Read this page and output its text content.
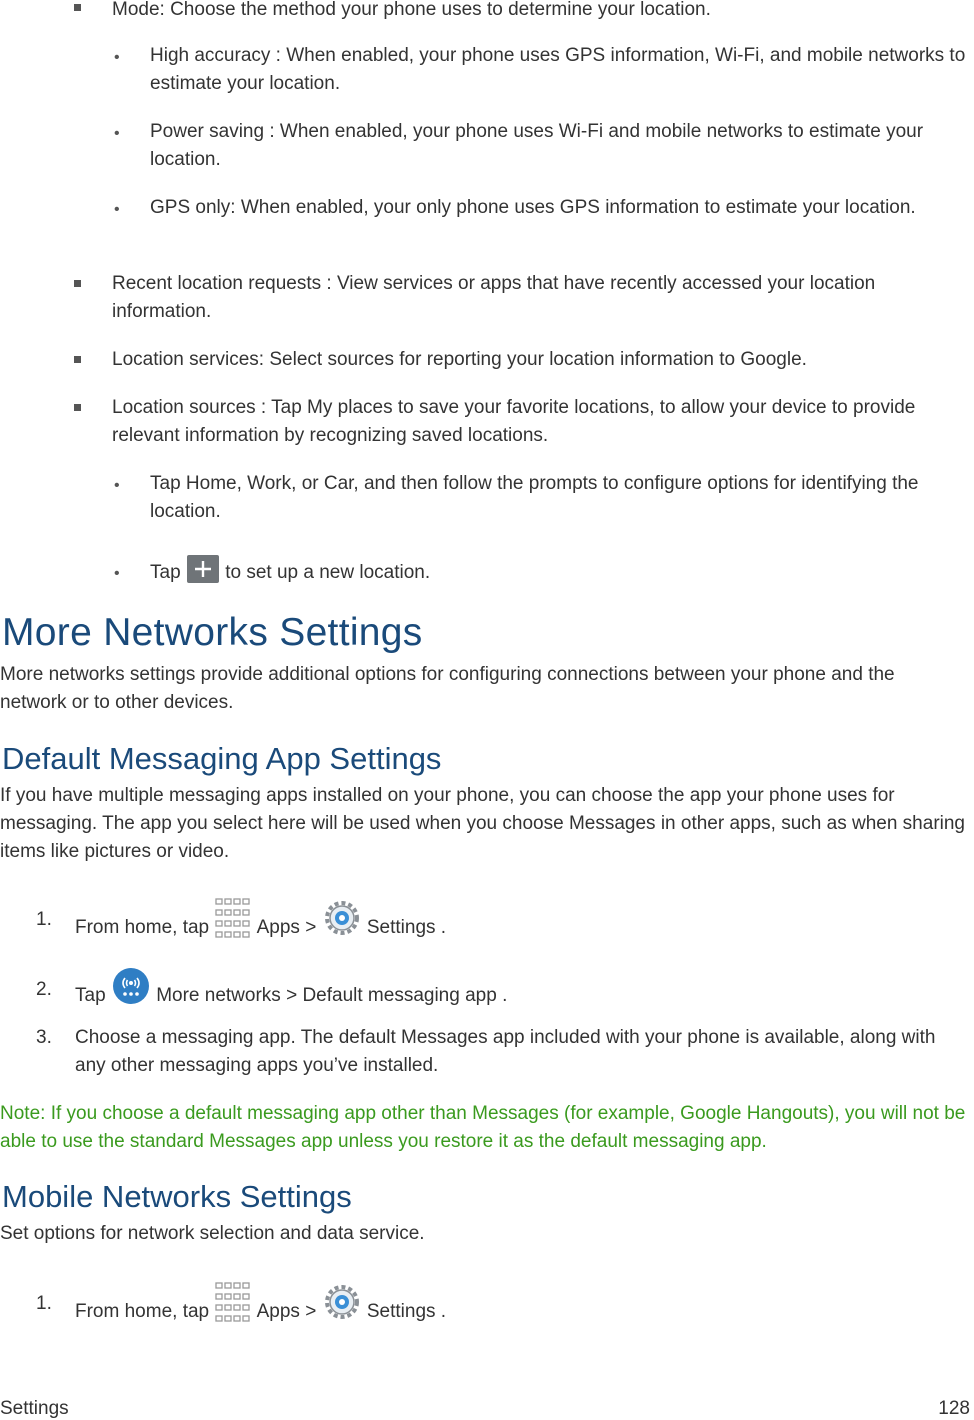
Mode: Choose the method your phone uses to determine your location.
• High accuracy : When enabled, your phone uses GPS information, Wi-Fi, and mobile networks to estimate your location.
• Power saving : When enabled, your phone uses Wi-Fi and mobile networks to estimate your location.
• GPS only: When enabled, your only phone uses GPS information to estimate your location.
Recent location requests : View services or apps that have recently accessed your location information.
Location services: Select sources for reporting your location information to Google.
Location sources : Tap My places to save your favorite locations, to allow your device to provide relevant information by recognizing saved locations.
• Tap Home, Work, or Car, and then follow the prompts to configure options for identifying the location.
• Tap to set up a new location.
More Networks Settings
More networks settings provide additional options for configuring connections between your phone and the network or to other devices.
Default Messaging App Settings
If you have multiple messaging apps installed on your phone, you can choose the app your phone uses for messaging. The app you select here will be used when you choose Messages in other apps, such as when sharing items like pictures or video.
1. From home, tap	Apps >	Settings .
2. Tap	More networks > Default messaging app .
3. Choose a messaging app. The default Messages app included with your phone is available, along with any other messaging apps you’ve installed.
Note: If you choose a default messaging app other than Messages (for example, Google Hangouts), you will not be able to use the standard Messages app unless you restore it as the default messaging app.
Mobile Networks Settings
Set options for network selection and data service.
1. From home, tap	Apps >	Settings .
Settings	128
